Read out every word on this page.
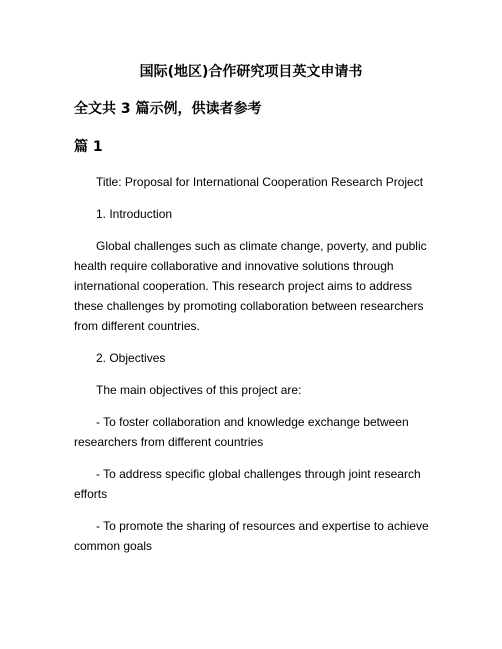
国际(地区)合作研究项目英文申请书
全文共 3 篇示例，供读者参考
篇 1

Title: Proposal for International Cooperation Research Project

1. Introduction

Global challenges such as climate change, poverty, and public health require collaborative and innovative solutions through international cooperation. This research project aims to address these challenges by promoting collaboration between researchers from different countries.

2. Objectives

The main objectives of this project are:

- To foster collaboration and knowledge exchange between researchers from different countries

- To address specific global challenges through joint research efforts

- To promote the sharing of resources and expertise to achieve common goals
